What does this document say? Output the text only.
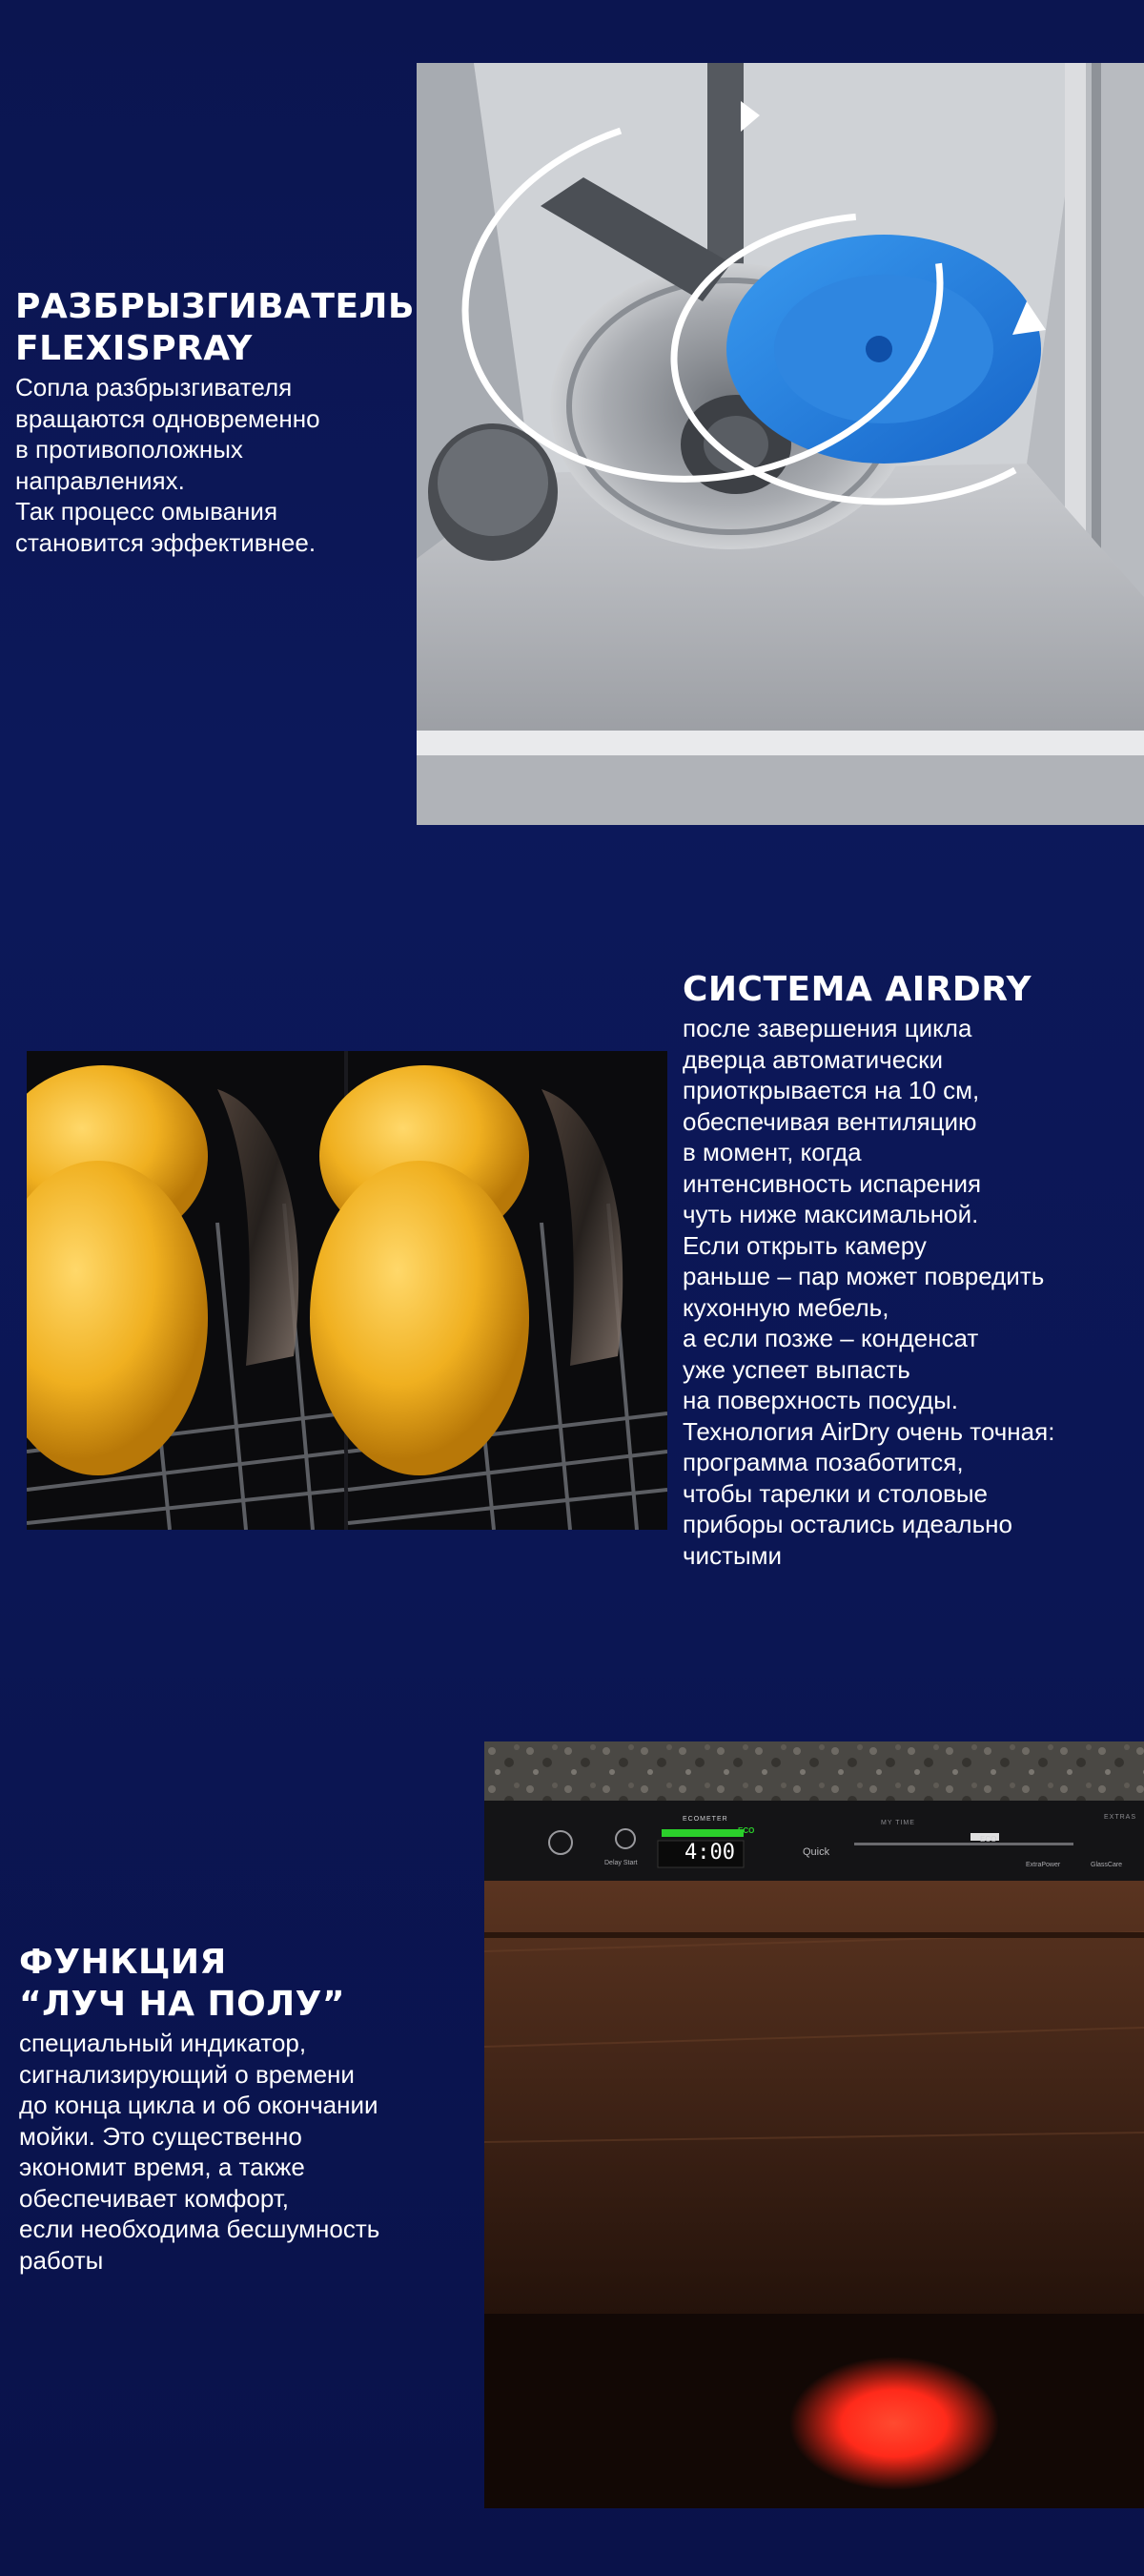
РАЗБРЫЗГИВАТЕЛЬ
FLEXISPRAY

Сопла разбрызгивателя
вращаются одновременно
в противоположных
направлениях.
Так процесс омывания
становится эффективнее.

СИСТЕМА AIRDRY

после завершения цикла
дверца автоматически
приоткрывается на 10 см,
обеспечивая вентиляцию
в момент, когда
интенсивность испарения
чуть ниже максимальной.
Если открыть камеру
раньше – пар может повредить
кухонную мебель,
а если позже – конденсат
уже успеет выпасть
на поверхность посуды.
Технология AirDry очень точная:
программа позаботится,
чтобы тарелки и столовые
приборы остались идеально
чистыми

ФУНКЦИЯ
“ЛУЧ НА ПОЛУ”

специальный индикатор,
сигнализирующий о времени
до конца цикла и об окончании
мойки. Это существенно
экономит время, а также
обеспечивает комфорт,
если необходима бесшумность
работы

ECOMETER
ECO
4:00
Delay Start
Quick
MY TIME
ECO
EXTRAS
ExtraPower	GlassCare
